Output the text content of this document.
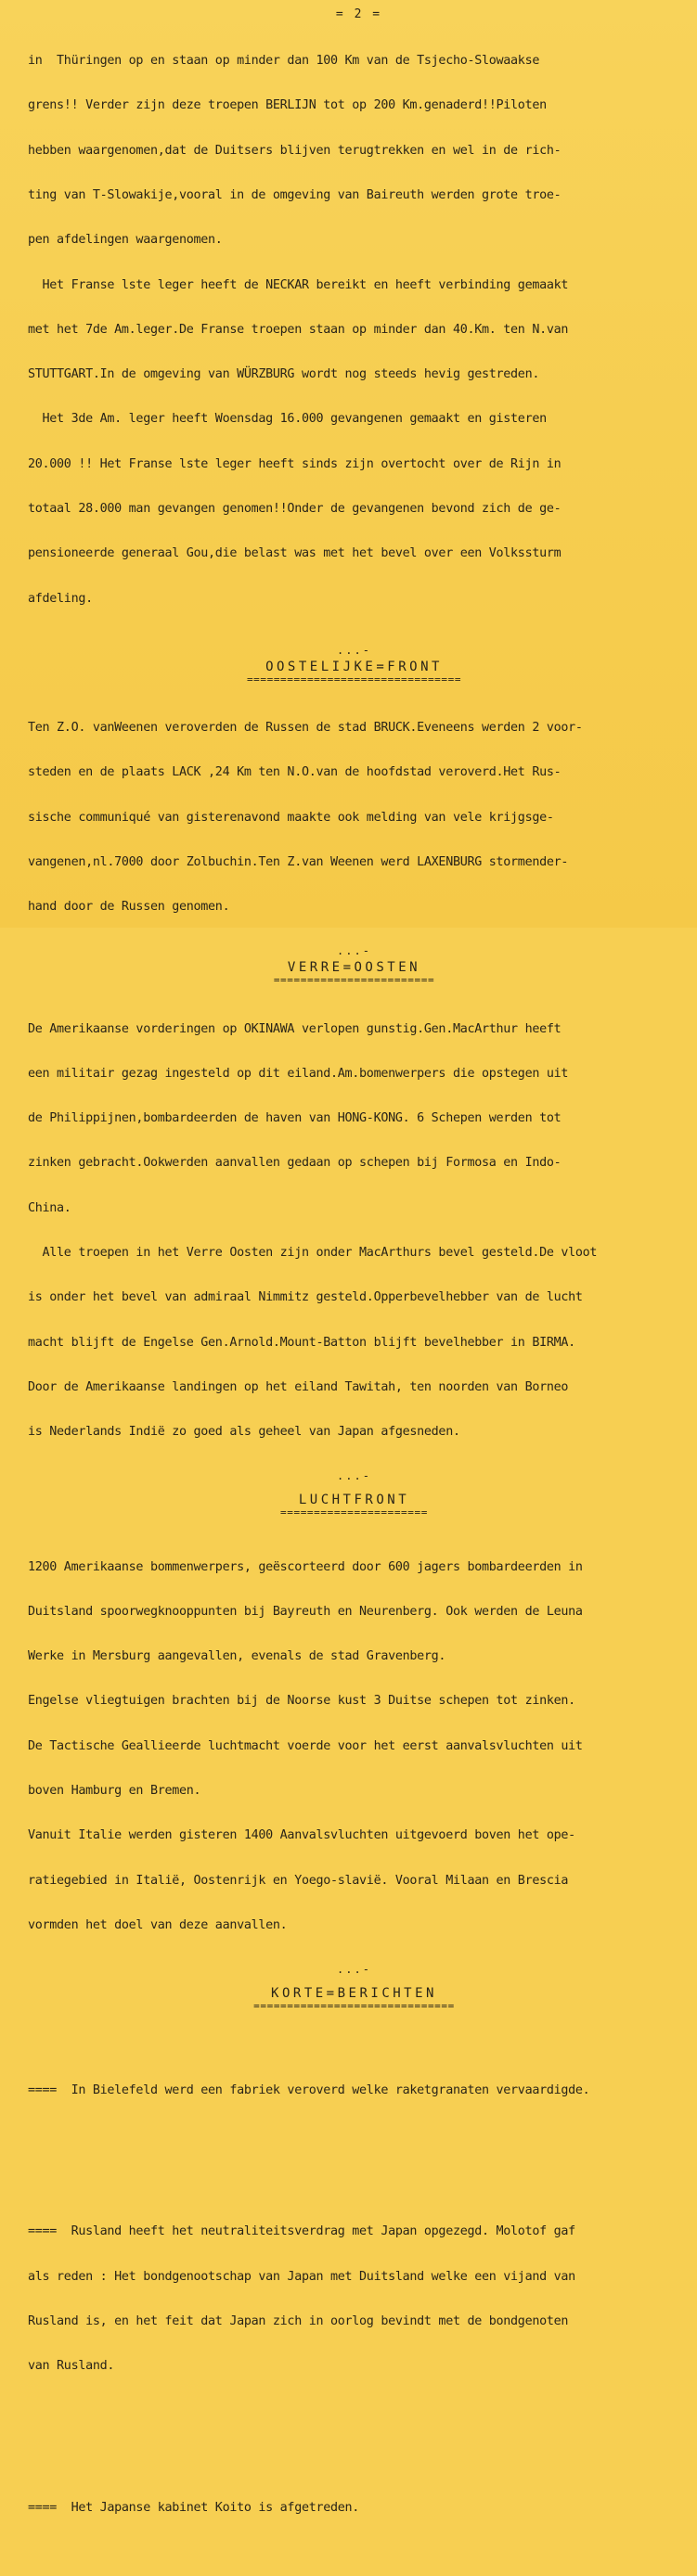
= 2 =

in  Thüringen op en staan op minder dan 100 Km van de Tsjecho-Slowaakse

grens!! Verder zijn deze troepen BERLIJN tot op 200 Km.genaderd!!Piloten

hebben waargenomen,dat de Duitsers blijven terugtrekken en wel in de rich-

ting van T-Slowakije,vooral in de omgeving van Baireuth werden grote troe-

pen afdelingen waargenomen.

Het Franse lste leger heeft de NECKAR bereikt en heeft verbinding gemaakt

met het 7de Am.leger.De Franse troepen staan op minder dan 40.Km. ten N.van

STUTTGART.In de omgeving van WÜRZBURG wordt nog steeds hevig gestreden.

Het 3de Am. leger heeft Woensdag 16.000 gevangenen gemaakt en gisteren

20.000 !! Het Franse lste leger heeft sinds zijn overtocht over de Rijn in

totaal 28.000 man gevangen genomen!!Onder de gevangenen bevond zich de ge-

pensioneerde generaal Gou,die belast was met het bevel over een Volkssturm

afdeling.

...-
OOSTELIJKE=FRONT
================================

Ten Z.O. vanWeenen veroverden de Russen de stad BRUCK.Eveneens werden 2 voor-

steden en de plaats LACK ,24 Km ten N.O.van de hoofdstad veroverd.Het Rus-

sische communiqué van gisterenavond maakte ook melding van vele krijgsge-

vangenen,nl.7000 door Zolbuchin.Ten Z.van Weenen werd LAXENBURG stormender-

hand door de Russen genomen.

...-
VERRE=OOSTEN
========================

De Amerikaanse vorderingen op OKINAWA verlopen gunstig.Gen.MacArthur heeft

een militair gezag ingesteld op dit eiland.Am.bomenwerpers die opstegen uit

de Philippijnen,bombardeerden de haven van HONG-KONG. 6 Schepen werden tot

zinken gebracht.Ookwerden aanvallen gedaan op schepen bij Formosa en Indo-

China.

Alle troepen in het Verre Oosten zijn onder MacArthurs bevel gesteld.De vloot

is onder het bevel van admiraal Nimmitz gesteld.Opperbevelhebber van de lucht

macht blijft de Engelse Gen.Arnold.Mount-Batton blijft bevelhebber in BIRMA.

Door de Amerikaanse landingen op het eiland Tawitah, ten noorden van Borneo

is Nederlands Indië zo goed als geheel van Japan afgesneden.

...-
LUCHTFRONT
======================

1200 Amerikaanse bommenwerpers, geëscorteerd door 600 jagers bombardeerden in

Duitsland spoorwegknooppunten bij Bayreuth en Neurenberg. Ook werden de Leuna

Werke in Mersburg aangevallen, evenals de stad Gravenberg.

Engelse vliegtuigen brachten bij de Noorse kust 3 Duitse schepen tot zinken.

De Tactische Geallieerde luchtmacht voerde voor het eerst aanvalsvluchten uit

boven Hamburg en Bremen.

Vanuit Italie werden gisteren 1400 Aanvalsvluchten uitgevoerd boven het ope-

ratiegebied in Italië, Oostenrijk en Yoego-slavië. Vooral Milaan en Brescia

vormden het doel van deze aanvallen.

...-
KORTE=BERICHTEN
==============================

====  In Bielefeld werd een fabriek veroverd welke raketgranaten vervaardigde.

====  Rusland heeft het neutraliteitsverdrag met Japan opgezegd. Molotof gaf

als reden : Het bondgenootschap van Japan met Duitsland welke een vijand van

Rusland is, en het feit dat Japan zich in oorlog bevindt met de bondgenoten

van Rusland.

====  Het Japanse kabinet Koito is afgetreden.
